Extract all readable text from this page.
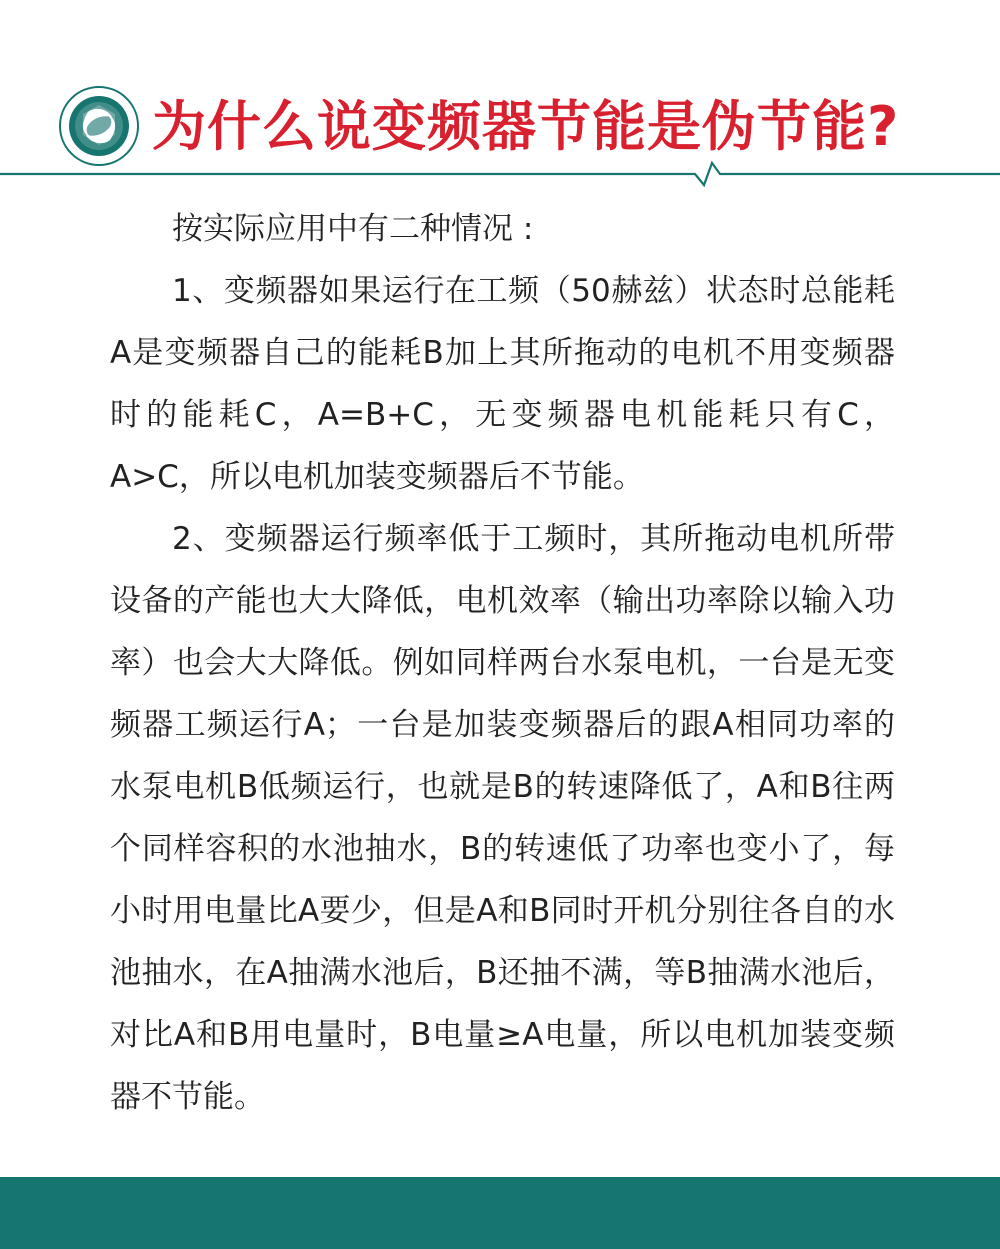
为什么说变频器节能是伪节能?

按实际应用中有二种情况 :

1、变频器如果运行在工频（50赫兹）状态时总能耗A是变频器自己的能耗B加上其所拖动的电机不用变频器时的能耗C，A=B+C，无变频器电机能耗只有C，A>C，所以电机加装变频器后不节能。

2、变频器运行频率低于工频时，其所拖动电机所带设备的产能也大大降低，电机效率（输出功率除以输入功率）也会大大降低。例如同样两台水泵电机，一台是无变频器工频运行A；一台是加装变频器后的跟A相同功率的水泵电机B低频运行，也就是B的转速降低了，A和B往两个同样容积的水池抽水，B的转速低了功率也变小了，每小时用电量比A要少，但是A和B同时开机分别往各自的水池抽水，在A抽满水池后，B还抽不满，等B抽满水池后，对比A和B用电量时，B电量≥A电量，所以电机加装变频器不节能。
